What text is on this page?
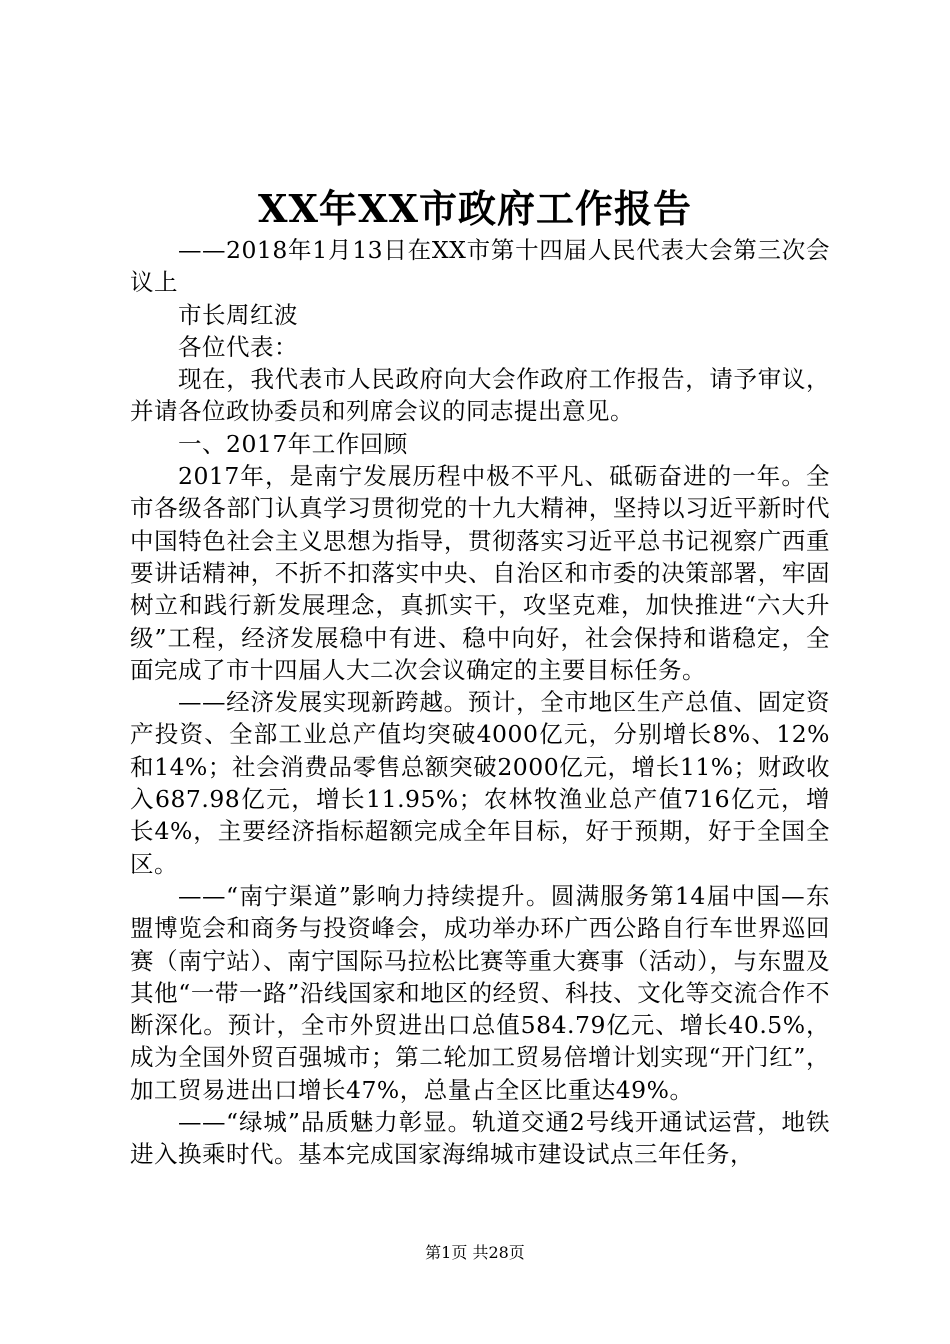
XX年XX市政府工作报告

——2018年1月13日在XX市第十四届人民代表大会第三次会议上

市长周红波

各位代表：

现在，我代表市人民政府向大会作政府工作报告，请予审议，并请各位政协委员和列席会议的同志提出意见。

一、2017年工作回顾

2017年，是南宁发展历程中极不平凡、砥砺奋进的一年。全市各级各部门认真学习贯彻党的十九大精神，坚持以习近平新时代中国特色社会主义思想为指导，贯彻落实习近平总书记视察广西重要讲话精神，不折不扣落实中央、自治区和市委的决策部署，牢固树立和践行新发展理念，真抓实干，攻坚克难，加快推进“六大升级”工程，经济发展稳中有进、稳中向好，社会保持和谐稳定，全面完成了市十四届人大二次会议确定的主要目标任务。

——经济发展实现新跨越。预计，全市地区生产总值、固定资产投资、全部工业总产值均突破4000亿元，分别增长8%、12%和14%；社会消费品零售总额突破2000亿元，增长11%；财政收入687.98亿元，增长11.95%；农林牧渔业总产值716亿元，增长4%，主要经济指标超额完成全年目标，好于预期，好于全国全区。

——“南宁渠道”影响力持续提升。圆满服务第14届中国—东盟博览会和商务与投资峰会，成功举办环广西公路自行车世界巡回赛（南宁站）、南宁国际马拉松比赛等重大赛事（活动），与东盟及其他“一带一路”沿线国家和地区的经贸、科技、文化等交流合作不断深化。预计，全市外贸进出口总值584.79亿元、增长40.5%，成为全国外贸百强城市；第二轮加工贸易倍增计划实现“开门红”，加工贸易进出口增长47%，总量占全区比重达49%。

——“绿城”品质魅力彰显。轨道交通2号线开通试运营，地铁进入换乘时代。基本完成国家海绵城市建设试点三年任务，

第1页 共28页
